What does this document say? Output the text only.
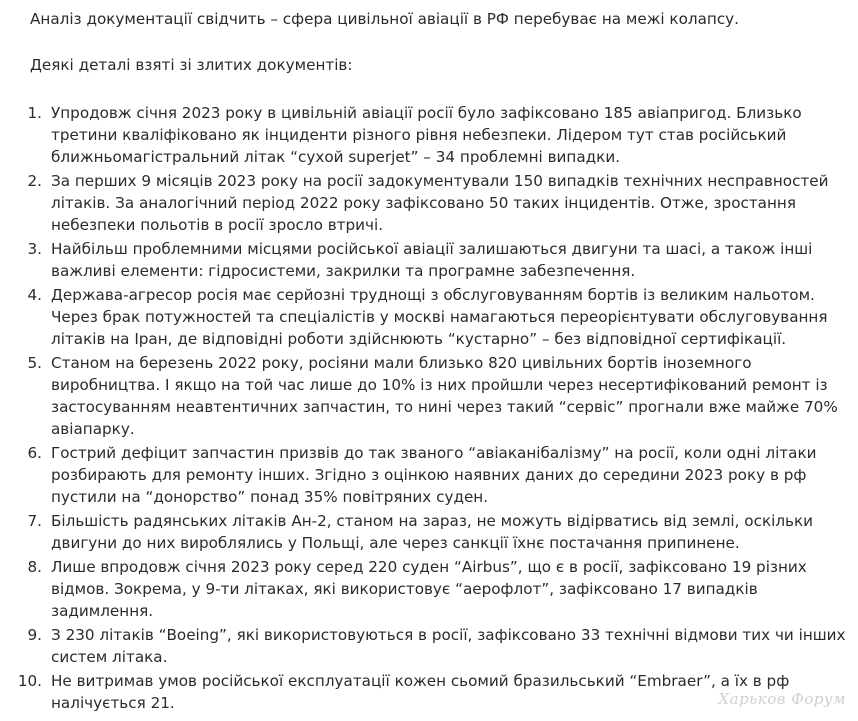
Аналіз документації свідчить – сфера цивільної авіації в РФ перебуває на межі колапсу.

Деякі деталі взяті зі злитих документів:

1 . Упродовж січня 2023 року в цивільній авіації росії було зафіксовано 185 авіапригод. Близько третини кваліфіковано як інциденти різного рівня небезпеки. Лідером тут став російський ближньомагістральний літак “сухой superjet” – 34 проблемні випадки.
2 . За перших 9 місяців 2023 року на росії задокументували 150 випадків технічних несправностей літаків. За аналогічний період 2022 року зафіксовано 50 таких інцидентів. Отже, зростання небезпеки польотів в росії зросло втричі.
3 . Найбільш проблемними місцями російської авіації залишаються двигуни та шасі, а також інші важливі елементи: гідросистеми, закрилки та програмне забезпечення.
4 . Держава-агресор росія має серйозні труднощі з обслуговуванням бортів із великим нальотом. Через брак потужностей та спеціалістів у москві намагаються переорієнтувати обслуговування літаків на Іран, де відповідні роботи здійснюють “кустарно” – без відповідної сертифікації.
5 . Станом на березень 2022 року, росіяни мали близько 820 цивільних бортів іноземного виробництва. І якщо на той час лише до 10% із них пройшли через несертифікований ремонт із застосуванням неавтентичних запчастин, то нині через такий “сервіс” прогнали вже майже 70% авіапарку.
6 . Гострий дефіцит запчастин призвів до так званого “авіаканібалізму” на росії, коли одні літаки розбирають для ремонту інших. Згідно з оцінкою наявних даних до середини 2023 року в рф пустили на “донорство” понад 35% повітряних суден.
7 . Більшість радянських літаків Ан-2, станом на зараз, не можуть відірватись від землі, оскільки двигуни до них вироблялись у Польщі, але через санкції їхнє постачання припинене.
8 . Лише впродовж січня 2023 року серед 220 суден “Airbus”, що є в росії, зафіксовано 19 різних відмов. Зокрема, у 9-ти літаках, які використовує “аерофлот”, зафіксовано 17 випадків задимлення.
9 . З 230 літаків “Boeing”, які використовуються в росії, зафіксовано 33 технічні відмови тих чи інших систем літака.
10 . Не витримав умов російської експлуатації кожен сьомий бразильський “Embraer”, а їх в рф налічується 21.	Харьков Форум
